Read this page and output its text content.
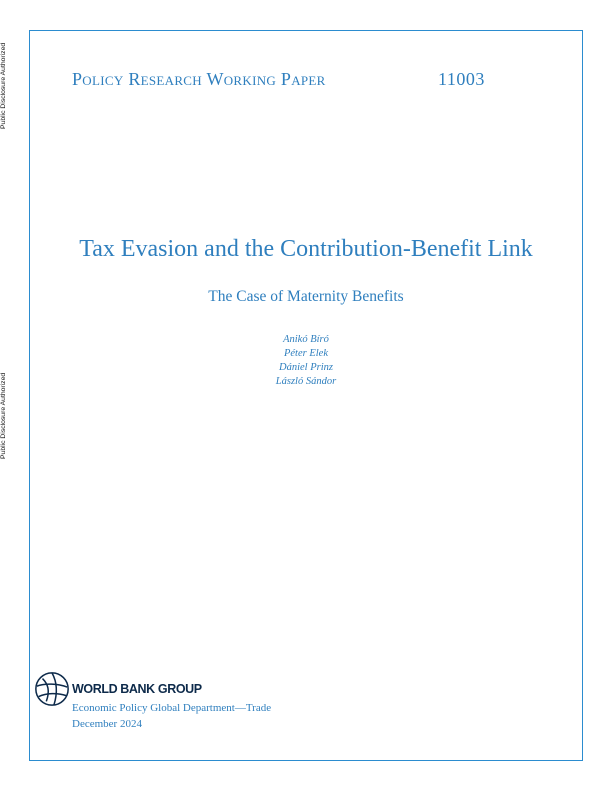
Public Disclosure Authorized
Public Disclosure Authorized
Policy Research Working Paper	11003
Tax Evasion and the Contribution-Benefit Link
The Case of Maternity Benefits
Anikó Bíró
Péter Elek
Dániel Prinz
László Sándor
WORLD BANK GROUP
Economic Policy Global Department—Trade
December 2024
